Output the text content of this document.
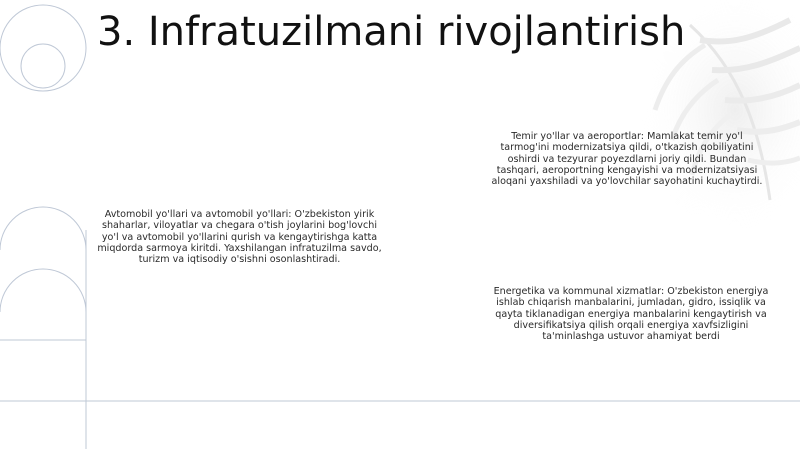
3. Infratuzilmani rivojlantirish

Temir yo'llar va aeroportlar: Mamlakat temir yo'l tarmog'ini modernizatsiya qildi, o'tkazish qobiliyatini oshirdi va tezyurar poyezdlarni joriy qildi. Bundan tashqari, aeroportning kengayishi va modernizatsiyasi aloqani yaxshiladi va yo'lovchilar sayohatini kuchaytirdi.

Avtomobil yo'llari va avtomobil yo'llari: O'zbekiston yirik shaharlar, viloyatlar va chegara o'tish joylarini bog'lovchi yo'l va avtomobil yo'llarini qurish va kengaytirishga katta miqdorda sarmoya kiritdi. Yaxshilangan infratuzilma savdo, turizm va iqtisodiy o'sishni osonlashtiradi.

Energetika va kommunal xizmatlar: O'zbekiston energiya ishlab chiqarish manbalarini, jumladan, gidro, issiqlik va qayta tiklanadigan energiya manbalarini kengaytirish va diversifikatsiya qilish orqali energiya xavfsizligini ta'minlashga ustuvor ahamiyat berdi
